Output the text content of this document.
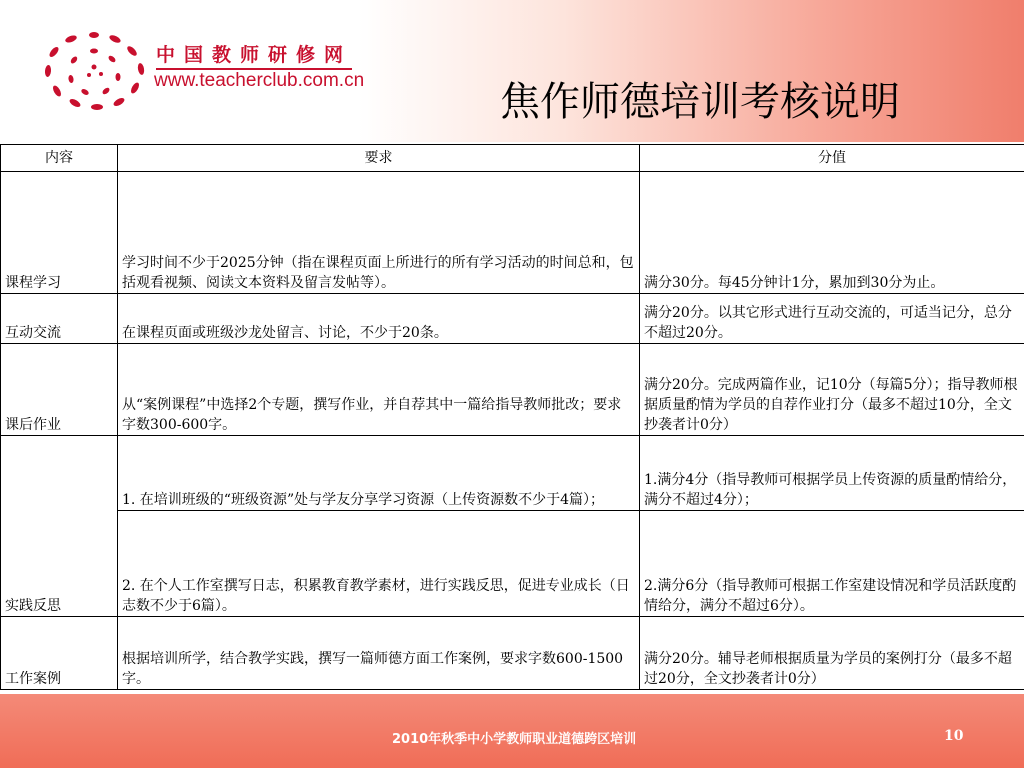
中国教师研修网
www.teacherclub.com.cn	焦作师德培训考核说明
内容	要求	分值
课程学习	学习时间不少于2025分钟（指在课程页面上所进行的所有学习活动的时间总和，包括观看视频、阅读文本资料及留言发帖等）。	满分30分。每45分钟计1分，累加到30分为止。
互动交流	在课程页面或班级沙龙处留言、讨论，不少于20条。	满分20分。以其它形式进行互动交流的，可适当记分，总分不超过20分。
课后作业	从“案例课程”中选择2个专题，撰写作业，并自荐其中一篇给指导教师批改；要求字数300-600字。	满分20分。完成两篇作业，记10分（每篇5分）；指导教师根据质量酌情为学员的自荐作业打分（最多不超过10分，全文抄袭者计0分）
实践反思	1. 在培训班级的“班级资源”处与学友分享学习资源（上传资源数不少于4篇）；	1.满分4分（指导教师可根据学员上传资源的质量酌情给分，满分不超过4分）；
	2. 在个人工作室撰写日志，积累教育教学素材，进行实践反思，促进专业成长（日志数不少于6篇）。	2.满分6分（指导教师可根据工作室建设情况和学员活跃度酌情给分，满分不超过6分）。
工作案例	根据培训所学，结合教学实践，撰写一篇师德方面工作案例，要求字数600-1500字。	满分20分。辅导老师根据质量为学员的案例打分（最多不超过20分，全文抄袭者计0分）
2010年秋季中小学教师职业道德跨区培训	10
